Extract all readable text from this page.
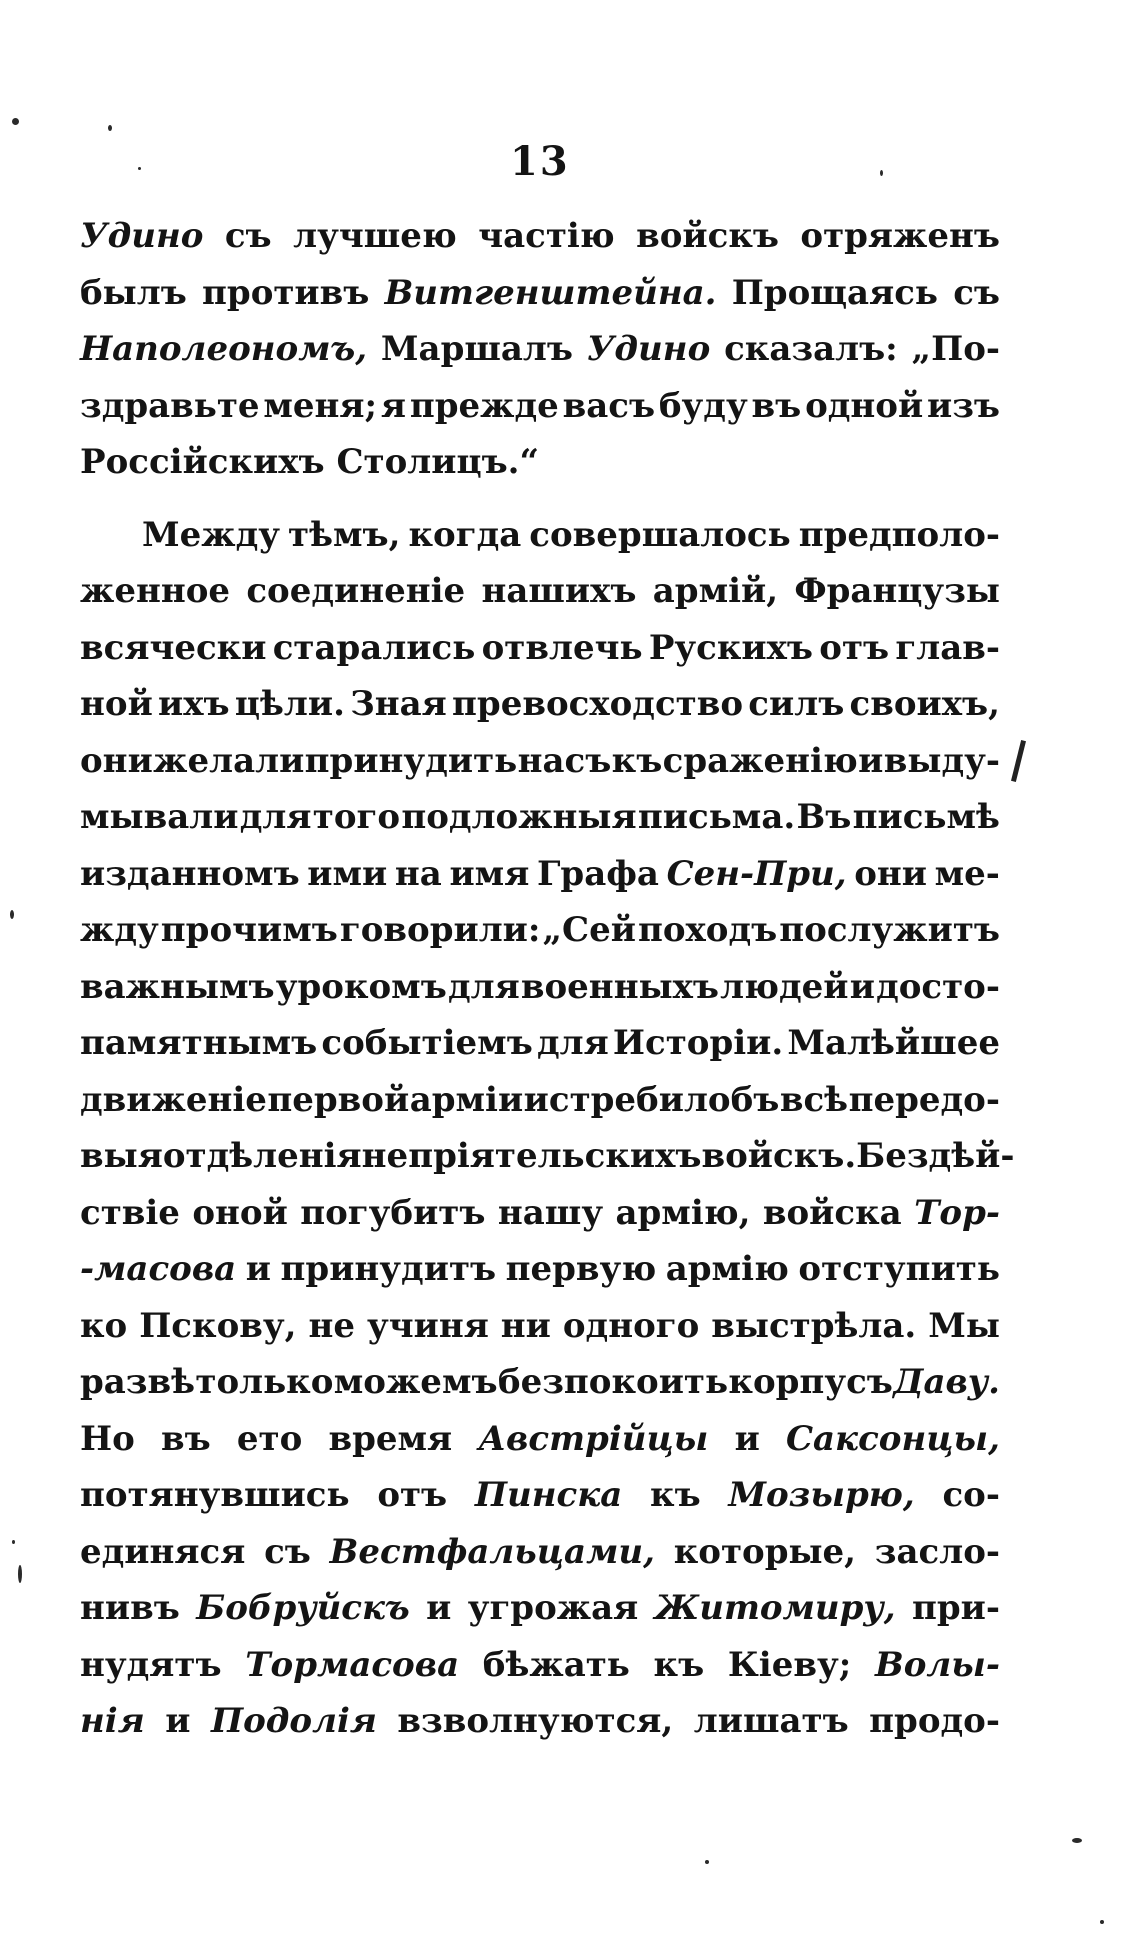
13
Удино съ лучшею частію войскъ отряженъ
былъ противъ Витгенштейна. Прощаясь съ
Наполеономъ, Маршалъ Удино сказалъ: „По-
здравьте меня; я прежде васъ буду въ одной изъ
Россійскихъ
Столицъ.“
Между тѣмъ, когда совершалось предполо-
женное соединеніе нашихъ армій, Французы
всячески старались отвлечь Рускихъ отъ глав-
ной ихъ цѣли. Зная превосходство силъ своихъ,
они желали принудить насъ къ сраженію и выду-
мывали для того подложныя письма. Въ письмѣ
изданномъ ими на имя Графа Сен-При, они ме-
жду прочимъ говорили: „Сей походъ послужитъ
важнымъ урокомъ для военныхъ людей и достo-
памятнымъ событіемъ для Исторіи. Малѣйшее
движеніе первой арміи истребилобъ всѣ передо-
выя отдѣленія непріятельскихъ войскъ. Бездѣй-
ствіе оной погубитъ нашу армію, войска Тор-
-масова и принудитъ первую армію отступить
ко Пскову, не учиня ни одного выстрѣла. Мы
развѣ только можемъ безпокоить корпусъ Даву.
Но въ ето время Австрійцы и Саксонцы,
потянувшись отъ Пинска къ Мозырю, со-
единяся съ Вестфальцами, которые, засло-
нивъ Бобруйскъ и угрожая Житомиру, при-
нудятъ Тормасова бѣжать къ Кіеву; Волы-
нія и Подолія взволнуются, лишатъ продо-
